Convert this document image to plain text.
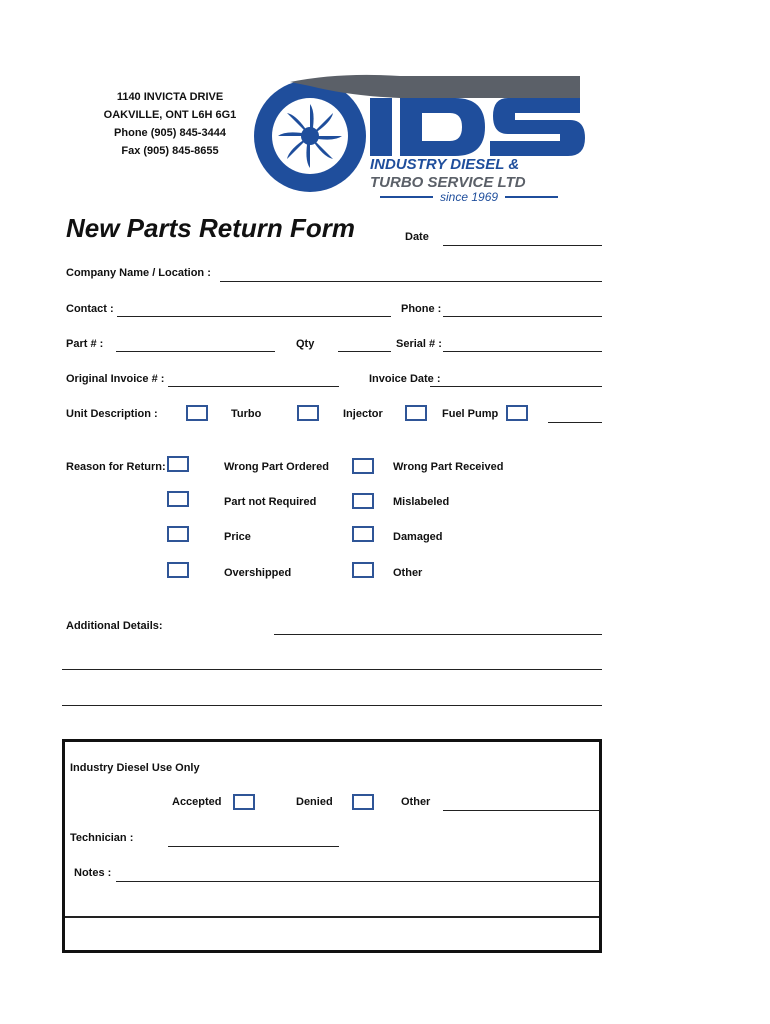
1140 INVICTA DRIVE
OAKVILLE, ONT L6H 6G1
Phone (905) 845-3444
Fax (905) 845-8655
INDUSTRY DIESEL &
TURBO SERVICE LTD
since 1969
New Parts Return Form	Date
Company Name / Location :
Contact :	Phone :
Part # :	Qty	Serial # :
Original Invoice # :	Invoice Date :
Unit Description :	Turbo	Injector	Fuel Pump
Reason for Return:	Wrong Part Ordered	Wrong Part Received
Part not Required	Mislabeled
Price	Damaged
Overshipped	Other
Additional Details:
Industry Diesel Use Only
Accepted	Denied	Other
Technician :
Notes :
